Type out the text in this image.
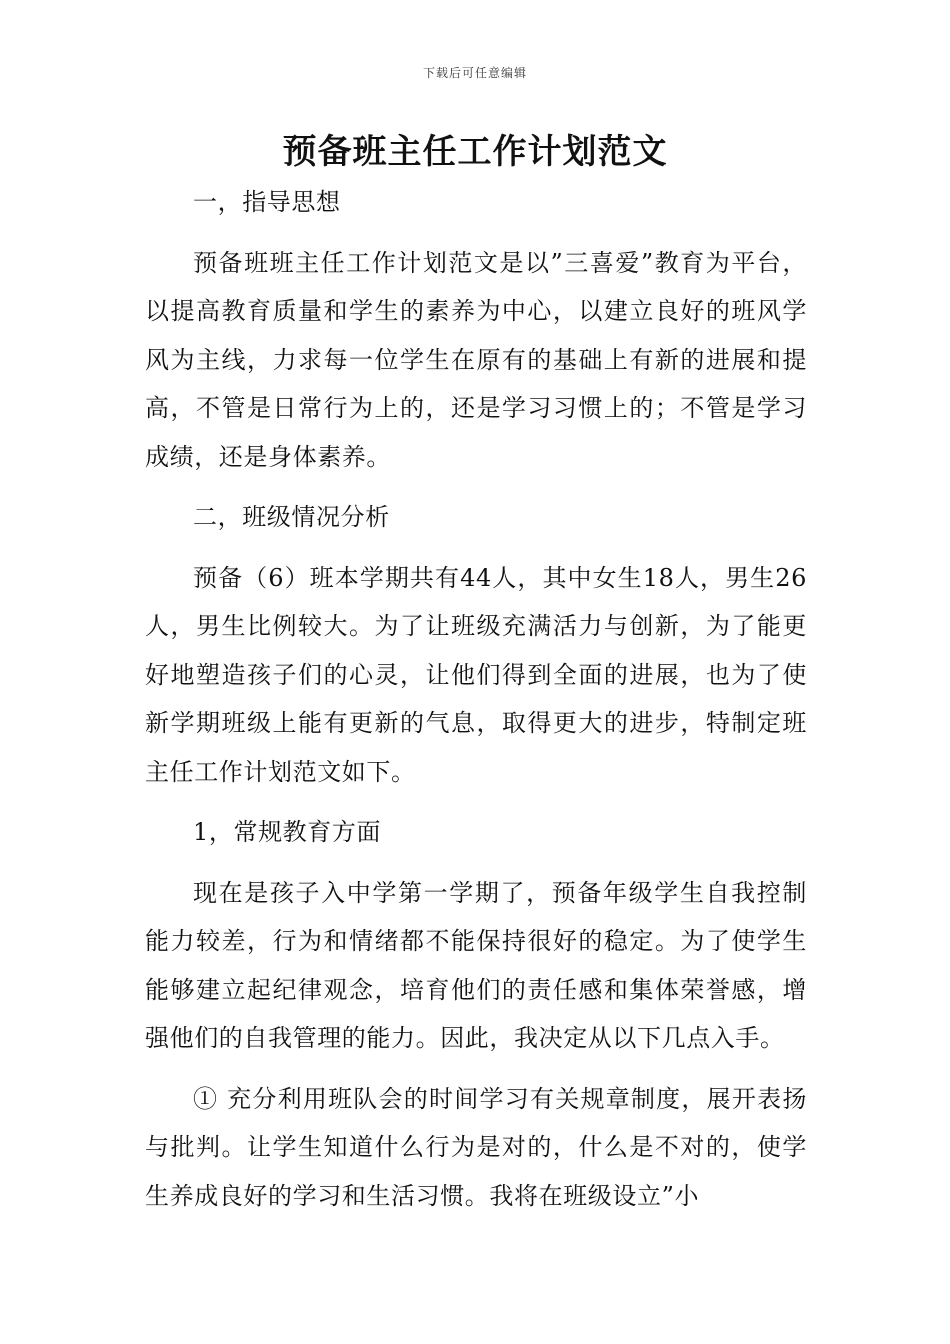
下载后可任意编辑
预备班主任工作计划范文

一，指导思想

预备班班主任工作计划范文是以”三喜爱”教育为平台，以提高教育质量和学生的素养为中心，以建立良好的班风学风为主线，力求每一位学生在原有的基础上有新的进展和提高，不管是日常行为上的，还是学习习惯上的；不管是学习成绩，还是身体素养。

二，班级情况分析

预备（6）班本学期共有44人，其中女生18人，男生26人，男生比例较大。为了让班级充满活力与创新，为了能更好地塑造孩子们的心灵，让他们得到全面的进展，也为了使新学期班级上能有更新的气息，取得更大的进步，特制定班主任工作计划范文如下。

1，常规教育方面

现在是孩子入中学第一学期了，预备年级学生自我控制能力较差，行为和情绪都不能保持很好的稳定。为了使学生能够建立起纪律观念，培育他们的责任感和集体荣誉感，增强他们的自我管理的能力。因此，我决定从以下几点入手。

① 充分利用班队会的时间学习有关规章制度，展开表扬与批判。让学生知道什么行为是对的，什么是不对的，使学生养成良好的学习和生活习惯。我将在班级设立”小
